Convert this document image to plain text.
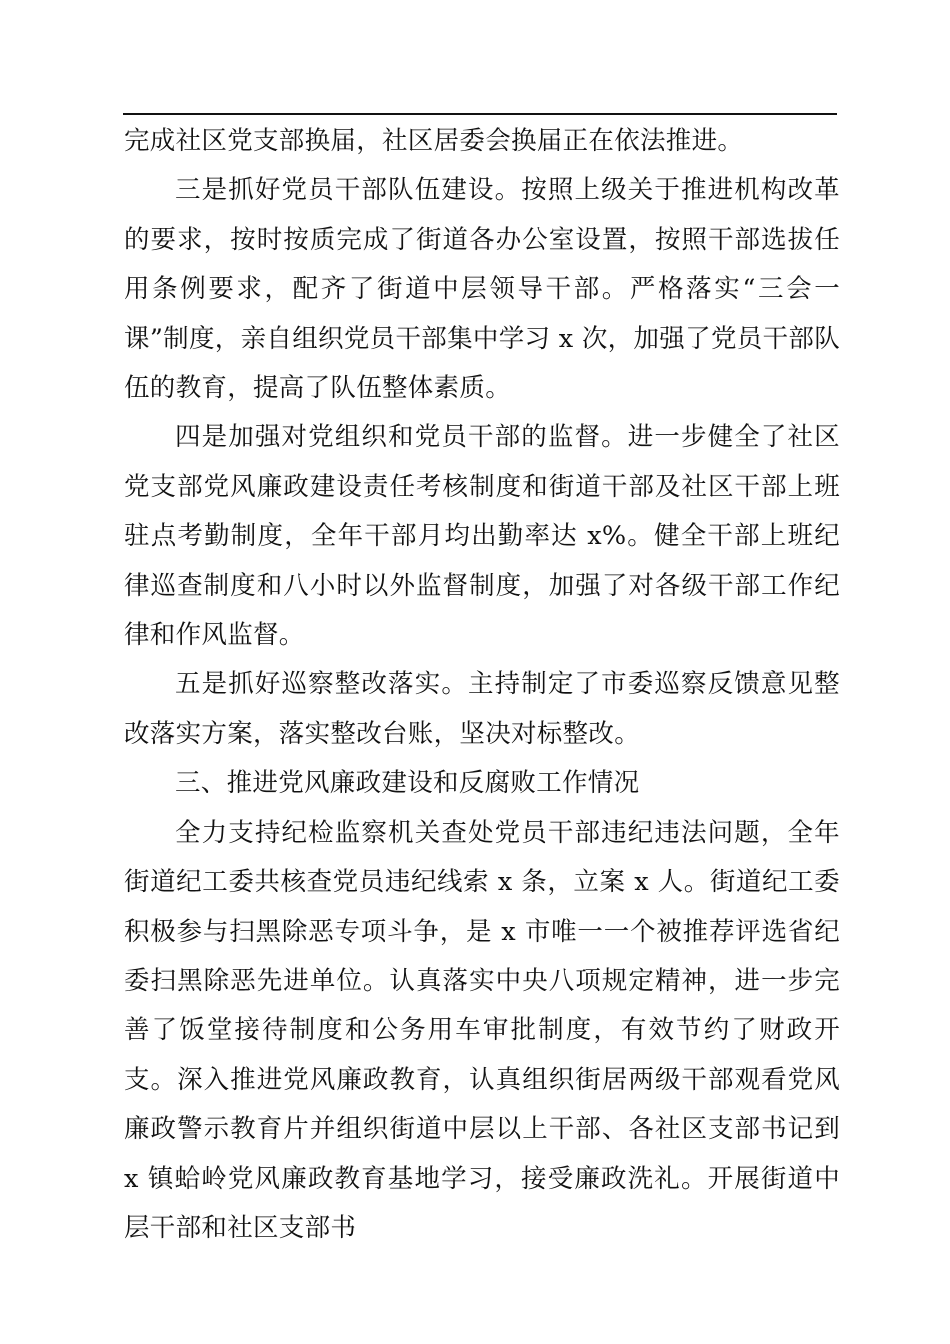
完成社区党支部换届，社区居委会换届正在依法推进。

三是抓好党员干部队伍建设。按照上级关于推进机构改革的要求，按时按质完成了街道各办公室设置，按照干部选拔任用条例要求，配齐了街道中层领导干部。严格落实“三会一课”制度，亲自组织党员干部集中学习 x 次，加强了党员干部队伍的教育，提高了队伍整体素质。

四是加强对党组织和党员干部的监督。进一步健全了社区党支部党风廉政建设责任考核制度和街道干部及社区干部上班驻点考勤制度，全年干部月均出勤率达 x%。健全干部上班纪律巡查制度和八小时以外监督制度，加强了对各级干部工作纪律和作风监督。

五是抓好巡察整改落实。主持制定了市委巡察反馈意见整改落实方案，落实整改台账，坚决对标整改。

三、推进党风廉政建设和反腐败工作情况

全力支持纪检监察机关查处党员干部违纪违法问题，全年街道纪工委共核查党员违纪线索 x 条，立案 x 人。街道纪工委积极参与扫黑除恶专项斗争，是 x 市唯一一个被推荐评选省纪委扫黑除恶先进单位。认真落实中央八项规定精神，进一步完善了饭堂接待制度和公务用车审批制度，有效节约了财政开支。深入推进党风廉政教育，认真组织街居两级干部观看党风廉政警示教育片并组织街道中层以上干部、各社区支部书记到 x 镇蛤岭党风廉政教育基地学习，接受廉政洗礼。开展街道中层干部和社区支部书
